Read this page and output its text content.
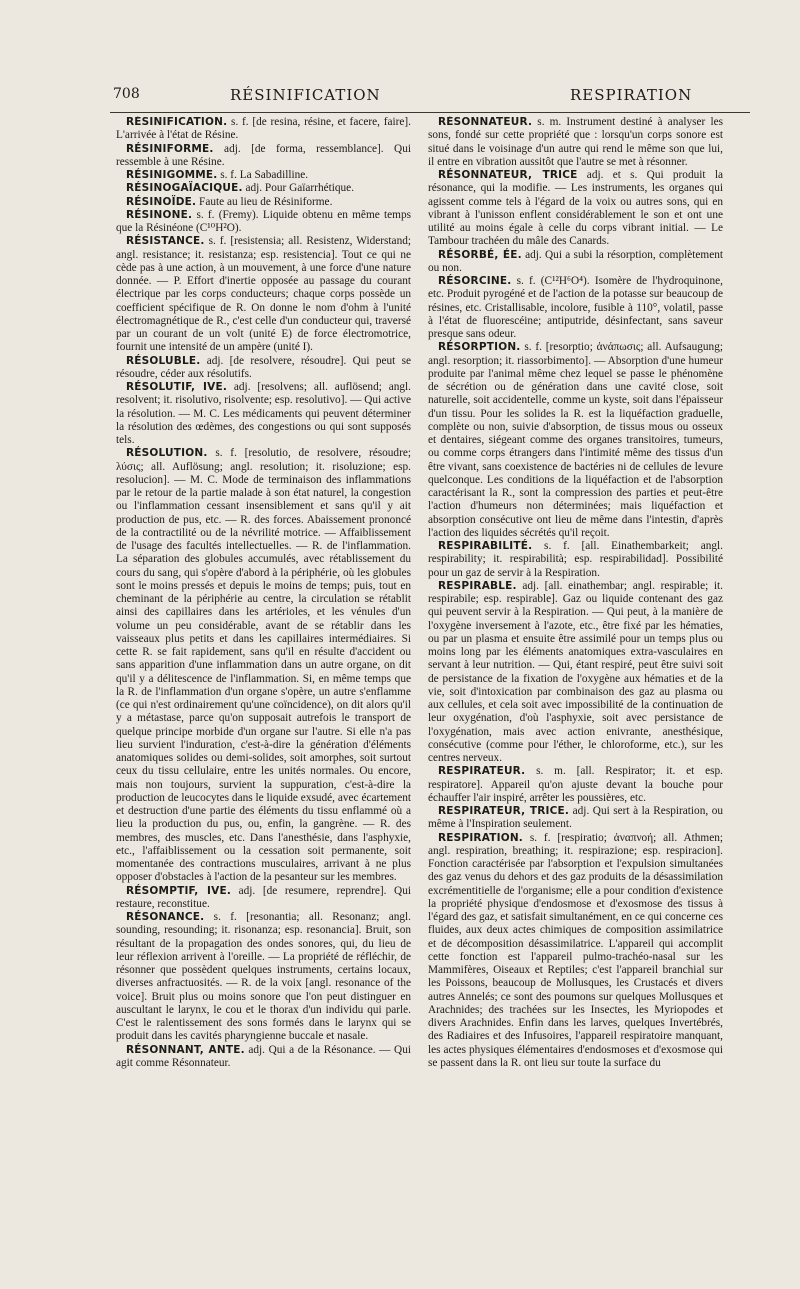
708	RÉSINIFICATION	RESPIRATION

RÉSINIFICATION. s. f. [de resina, résine, et facere, faire]. L'arrivée à l'état de Résine.

RÉSINIFORME. adj. [de forma, ressemblance]. Qui ressemble à une Résine.

RÉSINIGOMME. s. f. La Sabadilline.

RÉSINOGAÏACIQUE. adj. Pour Gaïarrhétique.

RÉSINOÏDE. Faute au lieu de Résiniforme.

RÉSINONE. s. f. (Fremy). Liquide obtenu en même temps que la Résinéone (C¹⁰H²O).

RÉSISTANCE. s. f. [resistensia; all. Resistenz, Widerstand; angl. resistance; it. resistanza; esp. resistencia]. Tout ce qui ne cède pas à une action, à un mouvement, à une force d'une nature donnée. — P. Effort d'inertie opposée au passage du courant électrique par les corps conducteurs; chaque corps possède un coefficient spécifique de R. On donne le nom d'ohm à l'unité électromagnétique de R., c'est celle d'un conducteur qui, traversé par un courant de un volt (unité E) de force électromotrice, fournit une intensité de un ampère (unité I).

RÉSOLUBLE. adj. [de resolvere, résoudre]. Qui peut se résoudre, céder aux résolutifs.

RÉSOLUTIF, IVE. adj. [resolvens; all. auflösend; angl. resolvent; it. risolutivo, risolvente; esp. resolutivo]. — Qui active la résolution. — M. C. Les médicaments qui peuvent déterminer la résolution des œdèmes, des congestions ou qui sont supposés tels.

RÉSOLUTION. s. f. [resolutio, de resolvere, résoudre; λύσις; all. Auflösung; angl. resolution; it. risoluzione; esp. resolucion]. — M. C. Mode de terminaison des inflammations par le retour de la partie malade à son état naturel, la congestion ou l'inflammation cessant insensiblement et sans qu'il y ait production de pus, etc. — R. des forces. Abaissement prononcé de la contractilité ou de la névrilité motrice. — Affaiblissement de l'usage des facultés intellectuelles. — R. de l'inflammation. La séparation des globules accumulés, avec rétablissement du cours du sang, qui s'opère d'abord à la périphérie, où les globules sont le moins pressés et depuis le moins de temps; puis, tout en cheminant de la périphérie au centre, la circulation se rétablit ainsi des capillaires dans les artérioles, et les vénules d'un volume un peu considérable, avant de se rétablir dans les vaisseaux plus petits et dans les capillaires intermédiaires. Si cette R. se fait rapidement, sans qu'il en résulte d'accident ou sans apparition d'une inflammation dans un autre organe, on dit qu'il y a délitescence de l'inflammation. Si, en même temps que la R. de l'inflammation d'un organe s'opère, un autre s'enflamme (ce qui n'est ordinairement qu'une coïncidence), on dit alors qu'il y a métastase, parce qu'on supposait autrefois le transport de quelque principe morbide d'un organe sur l'autre. Si elle n'a pas lieu survient l'induration, c'est-à-dire la génération d'éléments anatomiques solides ou demi-solides, soit amorphes, soit surtout ceux du tissu cellulaire, entre les unités normales. Ou encore, mais non toujours, survient la suppuration, c'est-à-dire la production de leucocytes dans le liquide exsudé, avec écartement et destruction d'une partie des éléments du tissu enflammé où a lieu la production du pus, ou, enfin, la gangrène. — R. des membres, des muscles, etc. Dans l'anesthésie, dans l'asphyxie, etc., l'affaiblissement ou la cessation soit permanente, soit momentanée des contractions musculaires, arrivant à ne plus opposer d'obstacles à l'action de la pesanteur sur les membres.

RÉSOMPTIF, IVE. adj. [de resumere, reprendre]. Qui restaure, reconstitue.

RÉSONANCE. s. f. [resonantia; all. Resonanz; angl. sounding, resounding; it. risonanza; esp. resonancia]. Bruit, son résultant de la propagation des ondes sonores, qui, du lieu de leur réflexion arrivent à l'oreille. — La propriété de réfléchir, de résonner que possèdent quelques instruments, certains locaux, diverses anfractuosités. — R. de la voix [angl. resonance of the voice]. Bruit plus ou moins sonore que l'on peut distinguer en auscultant le larynx, le cou et le thorax d'un individu qui parle. C'est le ralentissement des sons formés dans le larynx qui se produit dans les cavités pharyngienne buccale et nasale.

RÉSONNANT, ANTE. adj. Qui a de la Résonance. — Qui agit comme Résonnateur.

RÉSONNATEUR. s. m. Instrument destiné à analyser les sons, fondé sur cette propriété que : lorsqu'un corps sonore est situé dans le voisinage d'un autre qui rend le même son que lui, il entre en vibration aussitôt que l'autre se met à résonner.

RÉSONNATEUR, TRICE adj. et s. Qui produit la résonance, qui la modifie. — Les instruments, les organes qui agissent comme tels à l'égard de la voix ou autres sons, qui en vibrant à l'unisson enflent considérablement le son et ont une utilité au moins égale à celle du corps vibrant initial. — Le Tambour trachéen du mâle des Canards.

RÉSORBÉ, ÉE. adj. Qui a subi la résorption, complètement ou non.

RÉSORCINE. s. f. (C¹²H⁶O⁴). Isomère de l'hydroquinone, etc. Produit pyrogéné et de l'action de la potasse sur beaucoup de résines, etc. Cristallisable, incolore, fusible à 110°, volatil, passe à l'état de fluorescéine; antiputride, désinfectant, sans saveur presque sans odeur.

RÉSORPTION. s. f. [resorptio; ἀνάπωσις; all. Aufsaugung; angl. resorption; it. riassorbimento]. — Absorption d'une humeur produite par l'animal même chez lequel se passe le phénomène de sécrétion ou de génération dans une cavité close, soit naturelle, soit accidentelle, comme un kyste, soit dans l'épaisseur d'un tissu. Pour les solides la R. est la liquéfaction graduelle, complète ou non, suivie d'absorption, de tissus mous ou osseux et dentaires, siégeant comme des organes transitoires, tumeurs, ou comme corps étrangers dans l'intimité même des tissus d'un être vivant, sans coexistence de bactéries ni de cellules de levure quelconque. Les conditions de la liquéfaction et de l'absorption caractérisant la R., sont la compression des parties et peut-être l'action d'humeurs non déterminées; mais liquéfaction et absorption consécutive ont lieu de même dans l'intestin, d'après l'action des liquides sécrétés qu'il reçoit.

RESPIRABILITÉ. s. f. [all. Einathembarkeit; angl. respirability; it. respirabilità; esp. respirabilidad]. Possibilité pour un gaz de servir à la Respiration.

RESPIRABLE. adj. [all. einathembar; angl. respirable; it. respirabile; esp. respirable]. Gaz ou liquide contenant des gaz qui peuvent servir à la Respiration. — Qui peut, à la manière de l'oxygène inversement à l'azote, etc., être fixé par les hématies, ou par un plasma et ensuite être assimilé pour un temps plus ou moins long par les éléments anatomiques extra-vasculaires en servant à leur nutrition. — Qui, étant respiré, peut être suivi soit de persistance de la fixation de l'oxygène aux hématies et de la vie, soit d'intoxication par combinaison des gaz au plasma ou aux cellules, et cela soit avec impossibilité de la continuation de leur oxygénation, d'où l'asphyxie, soit avec persistance de l'oxygénation, mais avec action enivrante, anesthésique, consécutive (comme pour l'éther, le chloroforme, etc.), sur les centres nerveux.

RESPIRATEUR. s. m. [all. Respirator; it. et esp. respiratore]. Appareil qu'on ajuste devant la bouche pour échauffer l'air inspiré, arrêter les poussières, etc.

RESPIRATEUR, TRICE. adj. Qui sert à la Respiration, ou même à l'Inspiration seulement.

RESPIRATION. s. f. [respiratio; ἀναπνοή; all. Athmen; angl. respiration, breathing; it. respirazione; esp. respiracion]. Fonction caractérisée par l'absorption et l'expulsion simultanées des gaz venus du dehors et des gaz produits de la désassimilation excrémentitielle de l'organisme; elle a pour condition d'existence la propriété physique d'endosmose et d'exosmose des tissus à l'égard des gaz, et satisfait simultanément, en ce qui concerne ces fluides, aux deux actes chimiques de composition assimilatrice et de décomposition désassimilatrice. L'appareil qui accomplit cette fonction est l'appareil pulmo-trachéo-nasal sur les Mammifères, Oiseaux et Reptiles; c'est l'appareil branchial sur les Poissons, beaucoup de Mollusques, les Crustacés et divers autres Annelés; ce sont des poumons sur quelques Mollusques et Arachnides; des trachées sur les Insectes, les Myriopodes et divers Arachnides. Enfin dans les larves, quelques Invertébrés, des Radiaires et des Infusoires, l'appareil respiratoire manquant, les actes physiques élémentaires d'endosmoses et d'exosmose qui se passent dans la R. ont lieu sur toute la surface du
